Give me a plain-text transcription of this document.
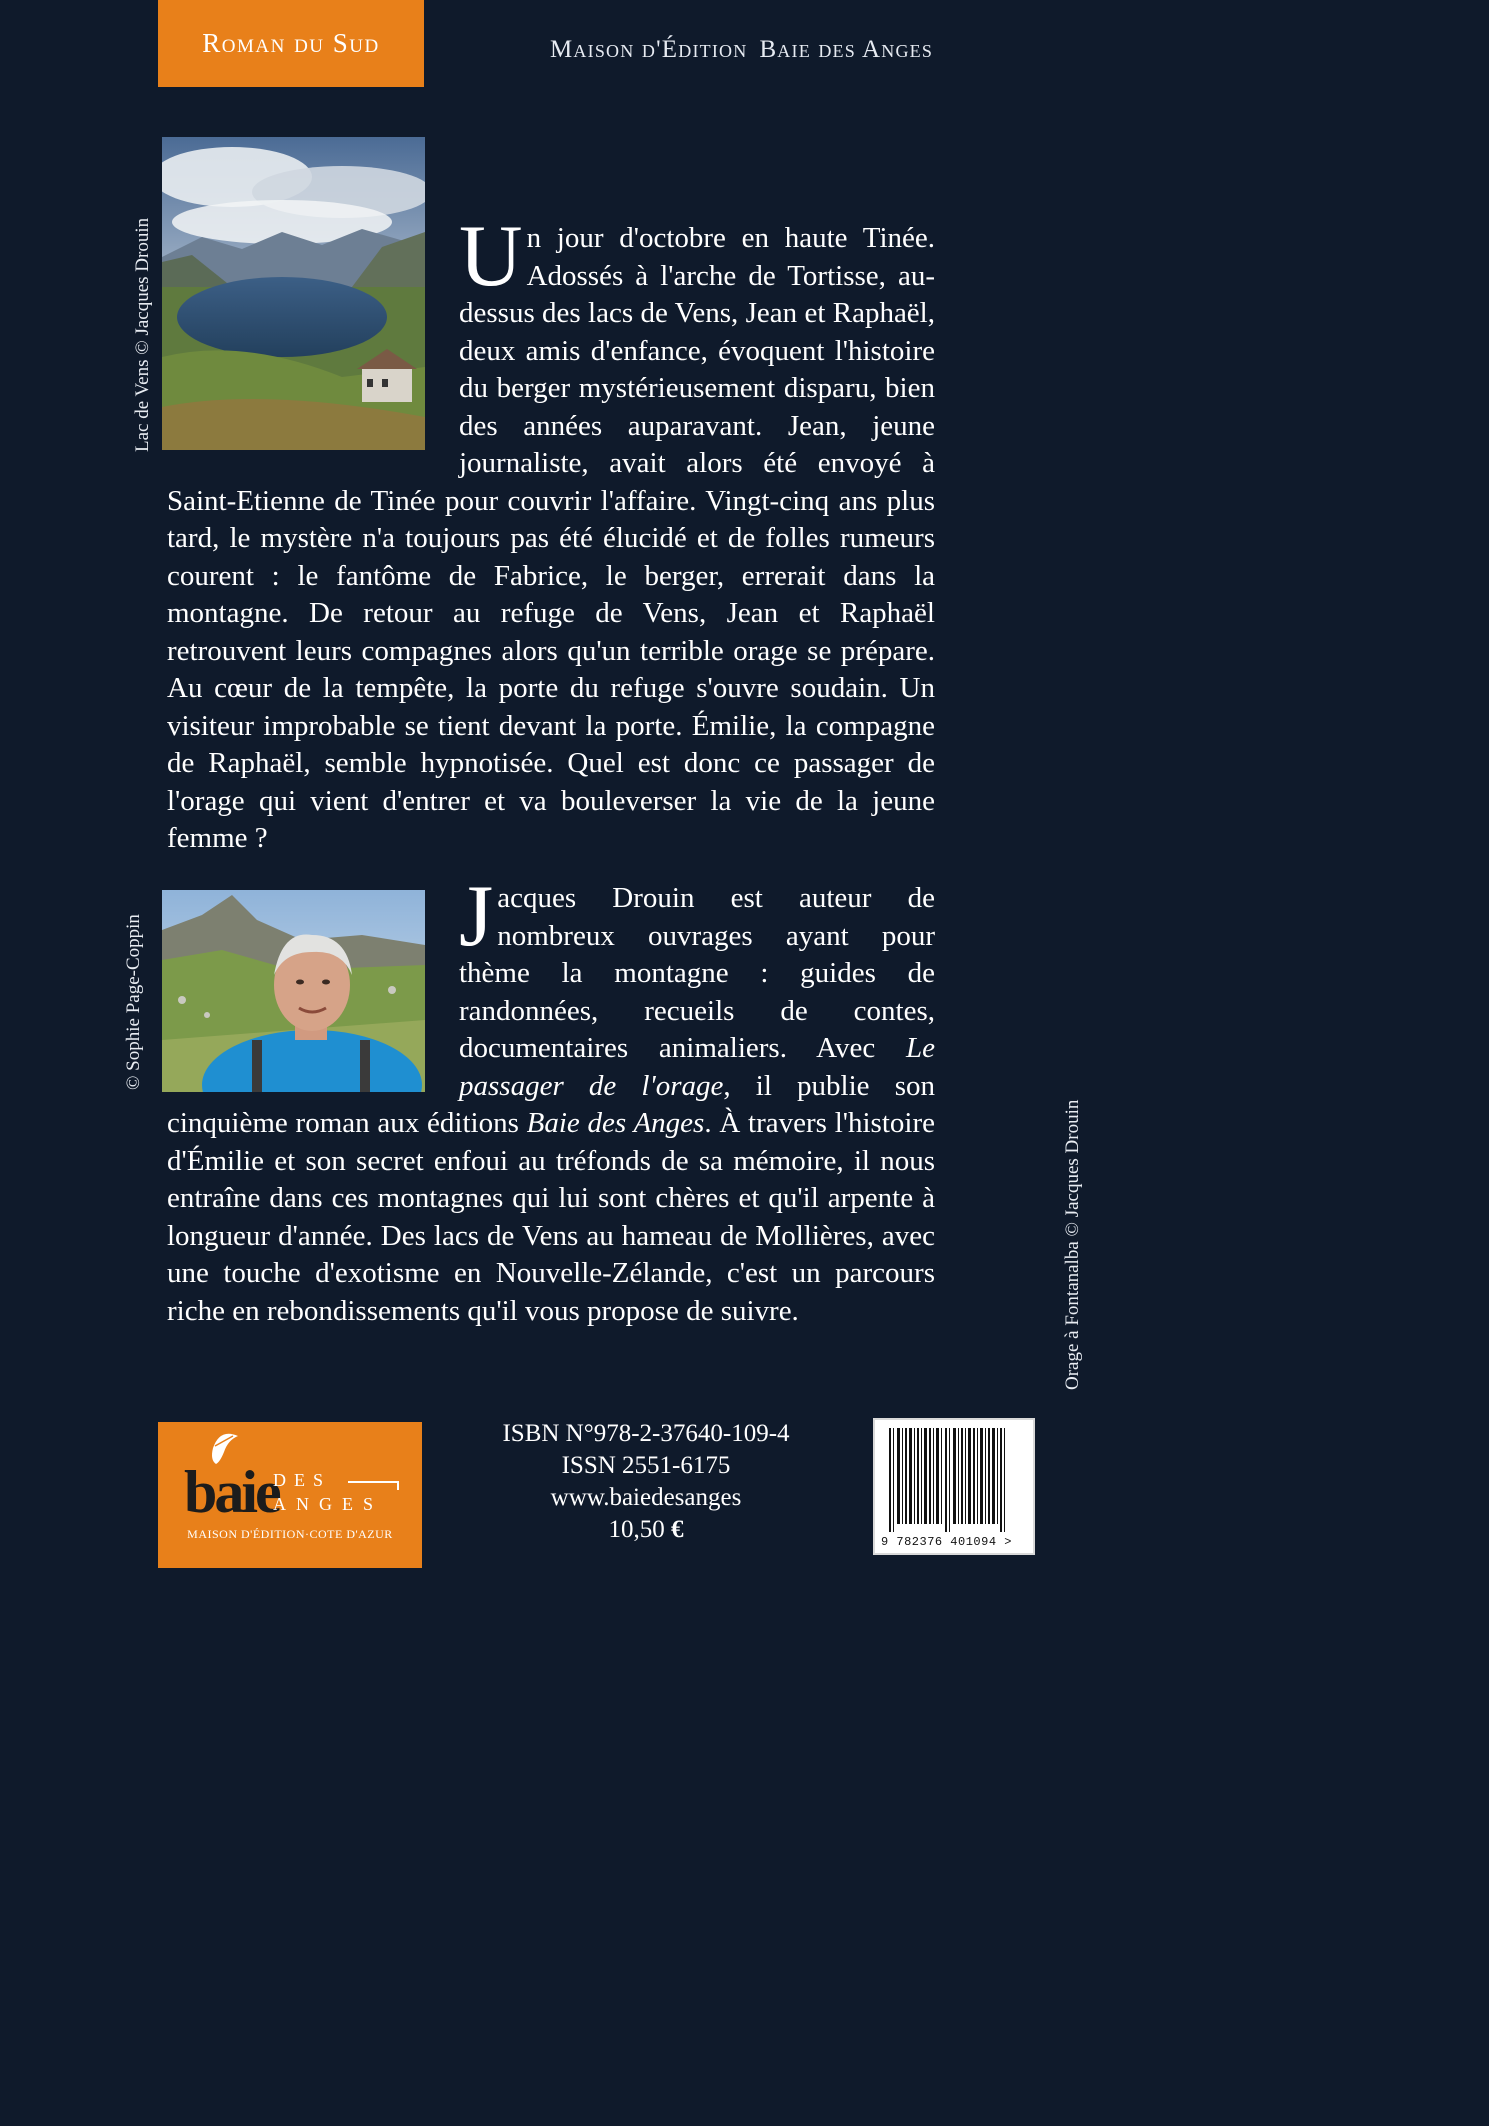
Roman du Sud	Maison d'Édition Baie des Anges
Lac de Vens © Jacques Drouin	Un jour d'octobre en haute Tinée. Adossés à l'arche de Tortisse, au-dessus des lacs de Vens, Jean et Raphaël, deux amis d'enfance, évoquent l'histoire du berger mystérieusement disparu, bien des années auparavant. Jean, jeune journaliste, avait alors été envoyé à Saint-Etienne de Tinée pour couvrir l'affaire. Vingt-cinq ans plus tard, le mystère n'a toujours pas été élucidé et de folles rumeurs courent : le fantôme de Fabrice, le berger, errerait dans la montagne. De retour au refuge de Vens, Jean et Raphaël retrouvent leurs compagnes alors qu'un terrible orage se prépare. Au cœur de la tempête, la porte du refuge s'ouvre soudain. Un visiteur improbable se tient devant la porte. Émilie, la compagne de Raphaël, semble hypnotisée. Quel est donc ce passager de l'orage qui vient d'entrer et va bouleverser la vie de la jeune femme ?

© Sophie Page-Coppin	Jacques Drouin est auteur de nombreux ouvrages ayant pour thème la montagne : guides de randonnées, recueils de contes, documentaires animaliers. Avec Le passager de l'orage, il publie son cinquième roman aux éditions Baie des Anges. À travers l'histoire d'Émilie et son secret enfoui au tréfonds de sa mémoire, il nous entraîne dans ces montagnes qui lui sont chères et qu'il arpente à longueur d'année. Des lacs de Vens au hameau de Mollières, avec une touche d'exotisme en Nouvelle-Zélande, c'est un parcours riche en rebondissements qu'il vous propose de suivre.	Orage à Fontanalba © Jacques Drouin
baie
DES
ANGES
MAISON D'ÉDITION·COTE D'AZUR
ISBN N°978-2-37640-109-4
ISSN 2551-6175
www.baiedesanges
10,50 €	9 782376 401094 >
